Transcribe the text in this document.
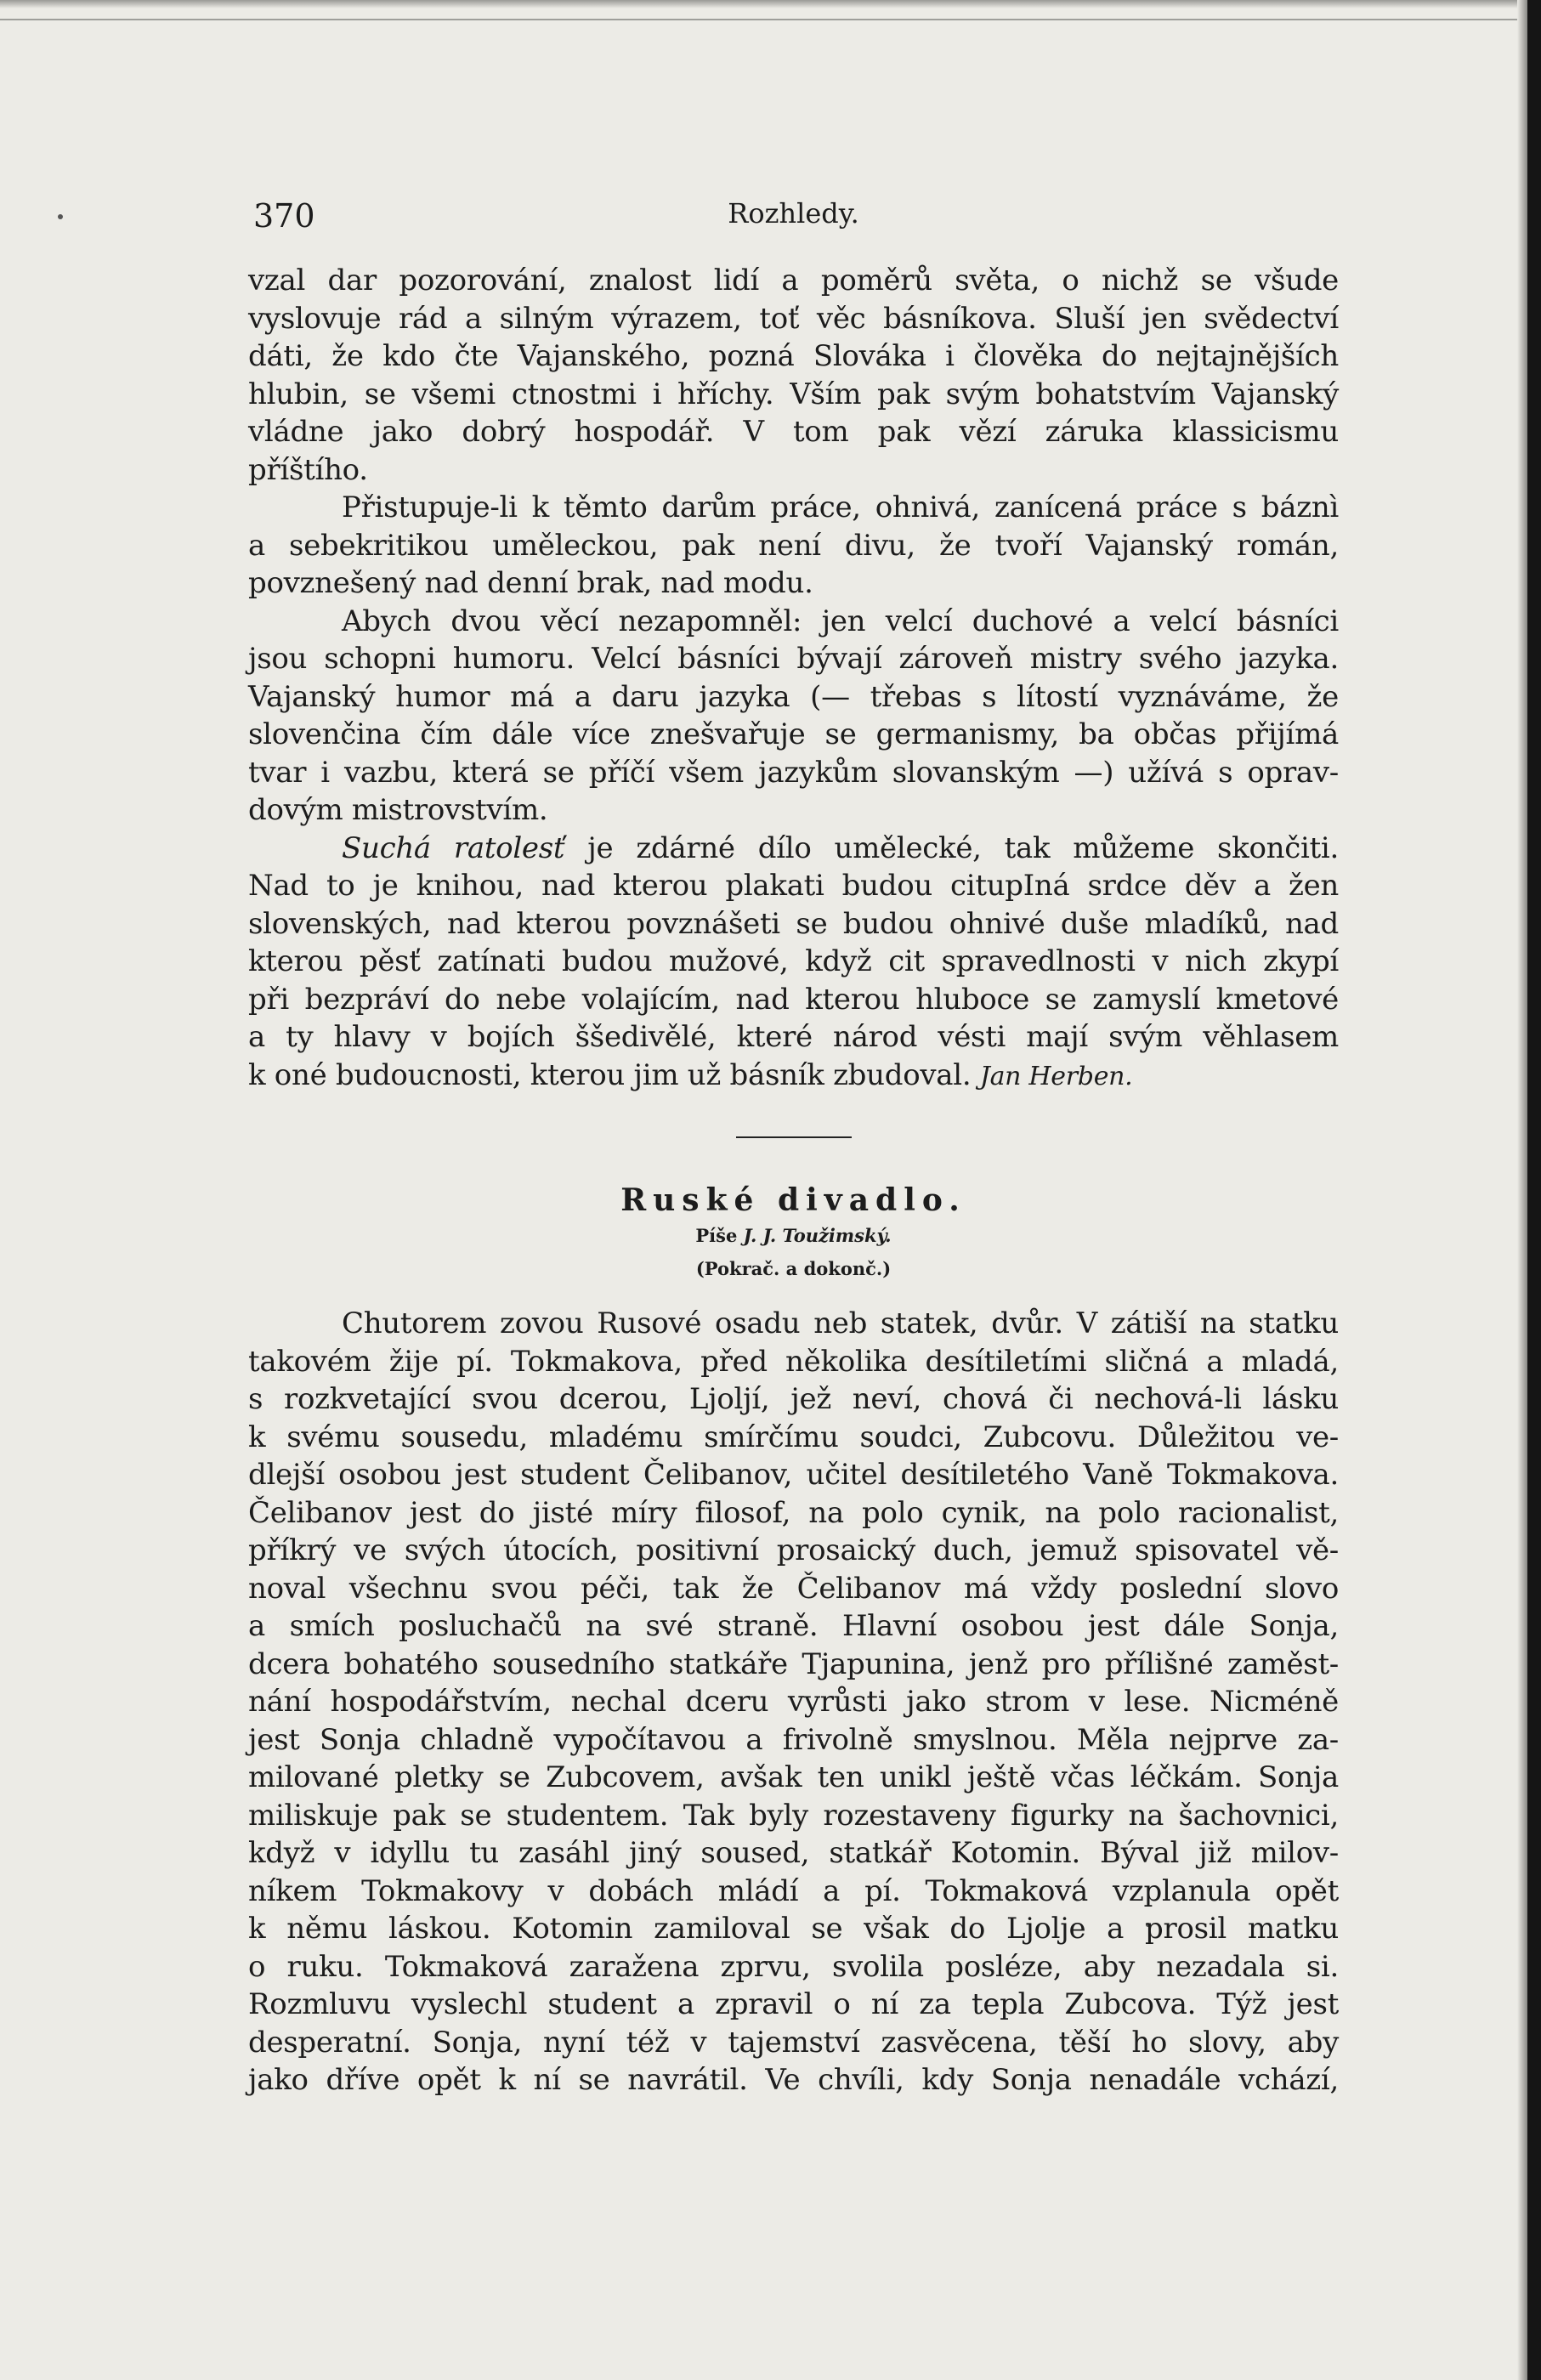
370	Rozhledy.

vzal dar pozorování, znalost lidí a poměrů světa, o nichž se všude
vyslovuje rád a silným výrazem, toť věc básníkova. Sluší jen svědectví
dáti, že kdo čte Vajanského, pozná Slováka i člověka do nejtajnějších
hlubin, se všemi ctnostmi i hříchy. Vším pak svým bohatstvím Vajanský
vládne jako dobrý hospodář. V tom pak vězí záruka klassicismu
příštího.

Přistupuje-li k těmto darům práce, ohnivá, zanícená práce s báznì
a sebekritikou uměleckou, pak není divu, že tvoří Vajanský román,
povznešený nad denní brak, nad modu.

Abych dvou věcí nezapomněl: jen velcí duchové a velcí básníci
jsou schopni humoru. Velcí básníci bývají zároveň mistry svého jazyka.
Vajanský humor má a daru jazyka (— třebas s lítostí vyznáváme, že
slovenčina čím dále více znešvařuje se germanismy, ba občas přijímá
tvar i vazbu, která se příčí všem jazykům slovanským —) užívá s oprav-
dovým mistrovstvím.

Suchá ratolesť je zdárné dílo umělecké, tak můžeme skončiti.
Nad to je knihou, nad kterou plakati budou citupIná srdce děv a žen
slovenských, nad kterou povznášeti se budou ohnivé duše mladíků, nad
kterou pěsť zatínati budou mužové, když cit spravedlnosti v nich zkypí
při bezpráví do nebe volajícím, nad kterou hluboce se zamyslí kmetové
a ty hlavy v bojích ššedivělé, které národ vésti mají svým věhlasem
k oné budoucnosti, kterou jim už básník zbudoval. Jan Herben.

Ruské divadlo.
Píše J. J. Toužimský.
(Pokrač. a dokonč.)

Chutorem zovou Rusové osadu neb statek, dvůr. V zátiší na statku
takovém žije pí. Tokmakova, před několika desítiletími sličná a mladá,
s rozkvetající svou dcerou, Ljoljí, jež neví, chová či nechová-li lásku
k svému sousedu, mladému smírčímu soudci, Zubcovu. Důležitou ve-
dlejší osobou jest student Čelibanov, učitel desítiletého Vaně Tokmakova.
Čelibanov jest do jisté míry filosof, na polo cynik, na polo racionalist,
příkrý ve svých útocích, positivní prosaický duch, jemuž spisovatel vě-
noval všechnu svou péči, tak že Čelibanov má vždy poslední slovo
a smích posluchačů na své straně. Hlavní osobou jest dále Sonja,
dcera bohatého sousedního statkáře Tjapunina, jenž pro přílišné zaměst-
nání hospodářstvím, nechal dceru vyrůsti jako strom v lese. Nicméně
jest Sonja chladně vypočítavou a frivolně smyslnou. Měla nejprve za-
milované pletky se Zubcovem, avšak ten unikl ještě včas léčkám. Sonja
miliskuje pak se studentem. Tak byly rozestaveny figurky na šachovnici,
když v idyllu tu zasáhl jiný soused, statkář Kotomin. Býval již milov-
níkem Tokmakovy v dobách mládí a pí. Tokmaková vzplanula opět
k němu láskou. Kotomin zamiloval se však do Ljolje a prosil matku
o ruku. Tokmaková zaražena zprvu, svolila posléze, aby nezadala si.
Rozmluvu vyslechl student a zpravil o ní za tepla Zubcova. Týž jest
desperatní. Sonja, nyní též v tajemství zasvěcena, těší ho slovy, aby
jako dříve opět k ní se navrátil. Ve chvíli, kdy Sonja nenadále vchází,
